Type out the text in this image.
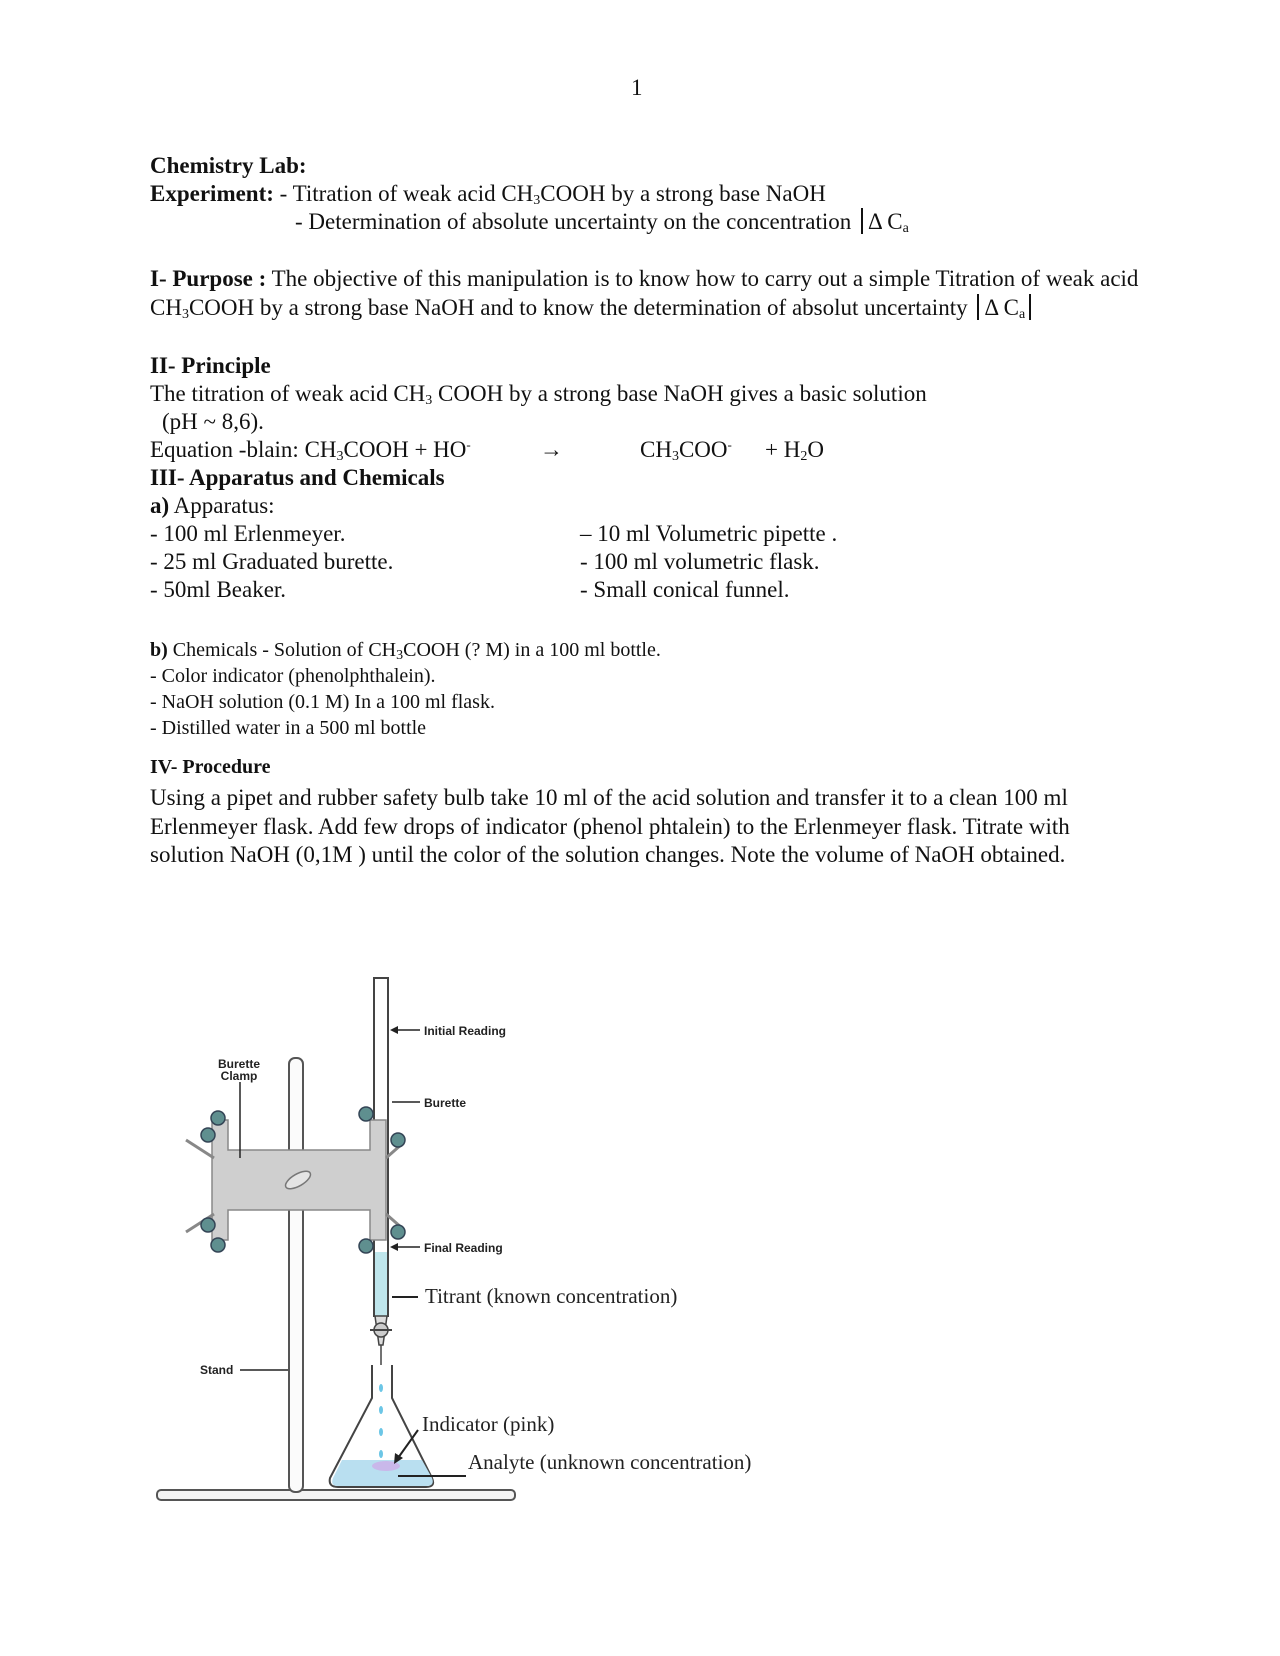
1
Chemistry Lab:
Experiment: - Titration of weak acid $CH_3COOH$ by a strong base NaOH
- Determination of absolute uncertainty on the concentration Δ $C_a$
I- Purpose : The objective of this manipulation is to know how to carry out a simple Titration of weak acid $CH_3COOH$ by a strong base NaOH and to know the determination of absolut uncertainty Δ $C_a$
II- Principle
The titration of weak acid $CH_3$ COOH by a strong base NaOH gives a basic solution
(pH ~ 8,6).
Equation -blain: $CH_3COOH + HO^-$	→	$CH_3COO^- + H_2O$
III- Apparatus and Chemicals
a) Apparatus:
- 100 ml Erlenmeyer.
- 25 ml Graduated burette.
- 50ml Beaker.
– 10 ml Volumetric pipette .
- 100 ml volumetric flask.
- Small conical funnel.
b) Chemicals - Solution of $CH_3COOH$ (? M) in a 100 ml bottle.
- Color indicator (phenolphthalein).
- NaOH solution (0.1 M) In a 100 ml flask.
- Distilled water in a 500 ml bottle
IV- Procedure
Using a pipet and rubber safety bulb take 10 ml of the acid solution and transfer it to a clean 100 ml Erlenmeyer flask. Add few drops of indicator (phenol phtalein) to the Erlenmeyer flask. Titrate with solution NaOH (0,1M ) until the color of the solution changes. Note the volume of NaOH obtained.
Initial Reading
Burette
Clamp
Burette
Final Reading
Stand
Titrant (known concentration)
Indicator (pink)
Analyte (unknown concentration)
